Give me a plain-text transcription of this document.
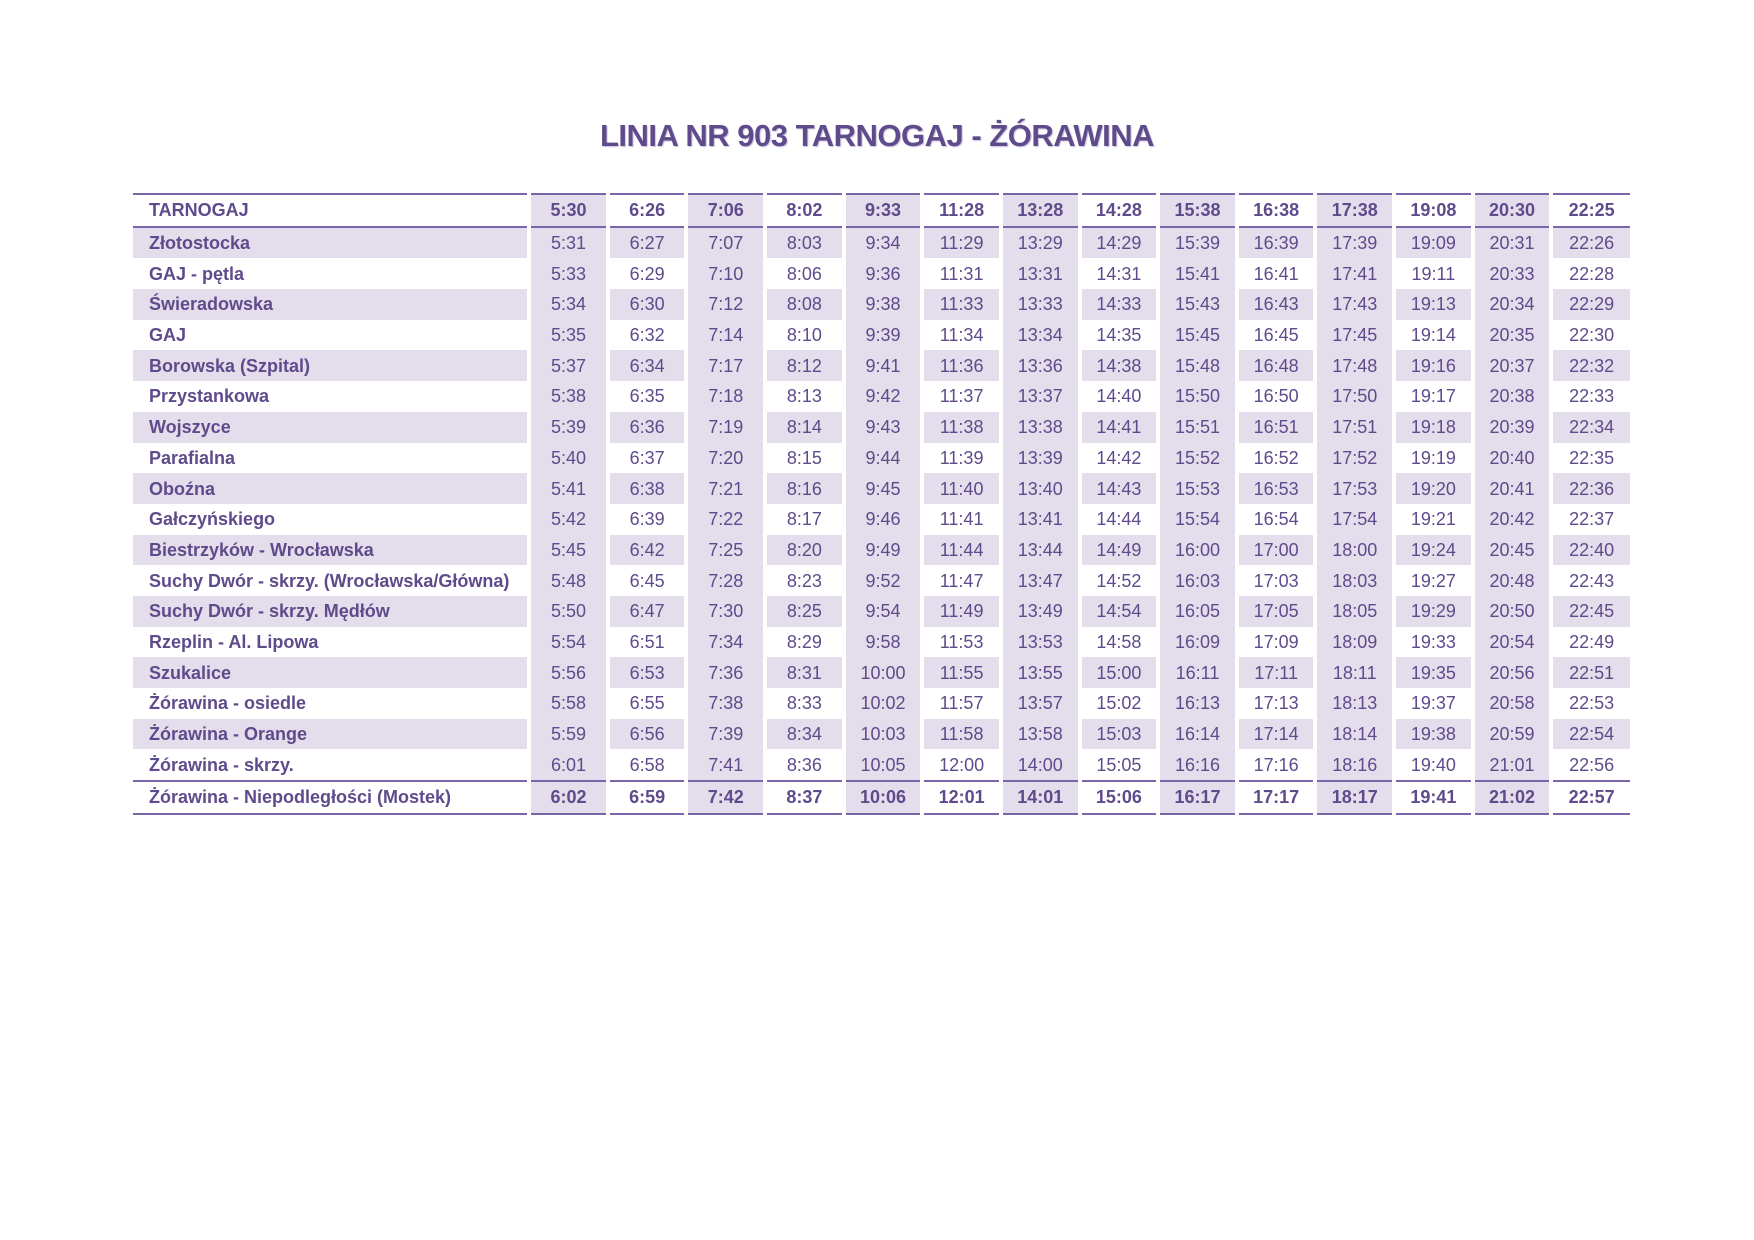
LINIA NR 903 TARNOGAJ - ŻÓRAWINA
TARNOGAJ	5:30	6:26	7:06	8:02	9:33	11:28	13:28	14:28	15:38	16:38	17:38	19:08	20:30	22:25
Złotostocka	5:31	6:27	7:07	8:03	9:34	11:29	13:29	14:29	15:39	16:39	17:39	19:09	20:31	22:26
GAJ - pętla	5:33	6:29	7:10	8:06	9:36	11:31	13:31	14:31	15:41	16:41	17:41	19:11	20:33	22:28
Świeradowska	5:34	6:30	7:12	8:08	9:38	11:33	13:33	14:33	15:43	16:43	17:43	19:13	20:34	22:29
GAJ	5:35	6:32	7:14	8:10	9:39	11:34	13:34	14:35	15:45	16:45	17:45	19:14	20:35	22:30
Borowska (Szpital)	5:37	6:34	7:17	8:12	9:41	11:36	13:36	14:38	15:48	16:48	17:48	19:16	20:37	22:32
Przystankowa	5:38	6:35	7:18	8:13	9:42	11:37	13:37	14:40	15:50	16:50	17:50	19:17	20:38	22:33
Wojszyce	5:39	6:36	7:19	8:14	9:43	11:38	13:38	14:41	15:51	16:51	17:51	19:18	20:39	22:34
Parafialna	5:40	6:37	7:20	8:15	9:44	11:39	13:39	14:42	15:52	16:52	17:52	19:19	20:40	22:35
Oboźna	5:41	6:38	7:21	8:16	9:45	11:40	13:40	14:43	15:53	16:53	17:53	19:20	20:41	22:36
Gałczyńskiego	5:42	6:39	7:22	8:17	9:46	11:41	13:41	14:44	15:54	16:54	17:54	19:21	20:42	22:37
Biestrzyków - Wrocławska	5:45	6:42	7:25	8:20	9:49	11:44	13:44	14:49	16:00	17:00	18:00	19:24	20:45	22:40
Suchy Dwór - skrzy. (Wrocławska/Główna)	5:48	6:45	7:28	8:23	9:52	11:47	13:47	14:52	16:03	17:03	18:03	19:27	20:48	22:43
Suchy Dwór - skrzy. Mędłów	5:50	6:47	7:30	8:25	9:54	11:49	13:49	14:54	16:05	17:05	18:05	19:29	20:50	22:45
Rzeplin - Al. Lipowa	5:54	6:51	7:34	8:29	9:58	11:53	13:53	14:58	16:09	17:09	18:09	19:33	20:54	22:49
Szukalice	5:56	6:53	7:36	8:31	10:00	11:55	13:55	15:00	16:11	17:11	18:11	19:35	20:56	22:51
Żórawina - osiedle	5:58	6:55	7:38	8:33	10:02	11:57	13:57	15:02	16:13	17:13	18:13	19:37	20:58	22:53
Żórawina - Orange	5:59	6:56	7:39	8:34	10:03	11:58	13:58	15:03	16:14	17:14	18:14	19:38	20:59	22:54
Żórawina - skrzy.	6:01	6:58	7:41	8:36	10:05	12:00	14:00	15:05	16:16	17:16	18:16	19:40	21:01	22:56
Żórawina - Niepodległości (Mostek)	6:02	6:59	7:42	8:37	10:06	12:01	14:01	15:06	16:17	17:17	18:17	19:41	21:02	22:57
